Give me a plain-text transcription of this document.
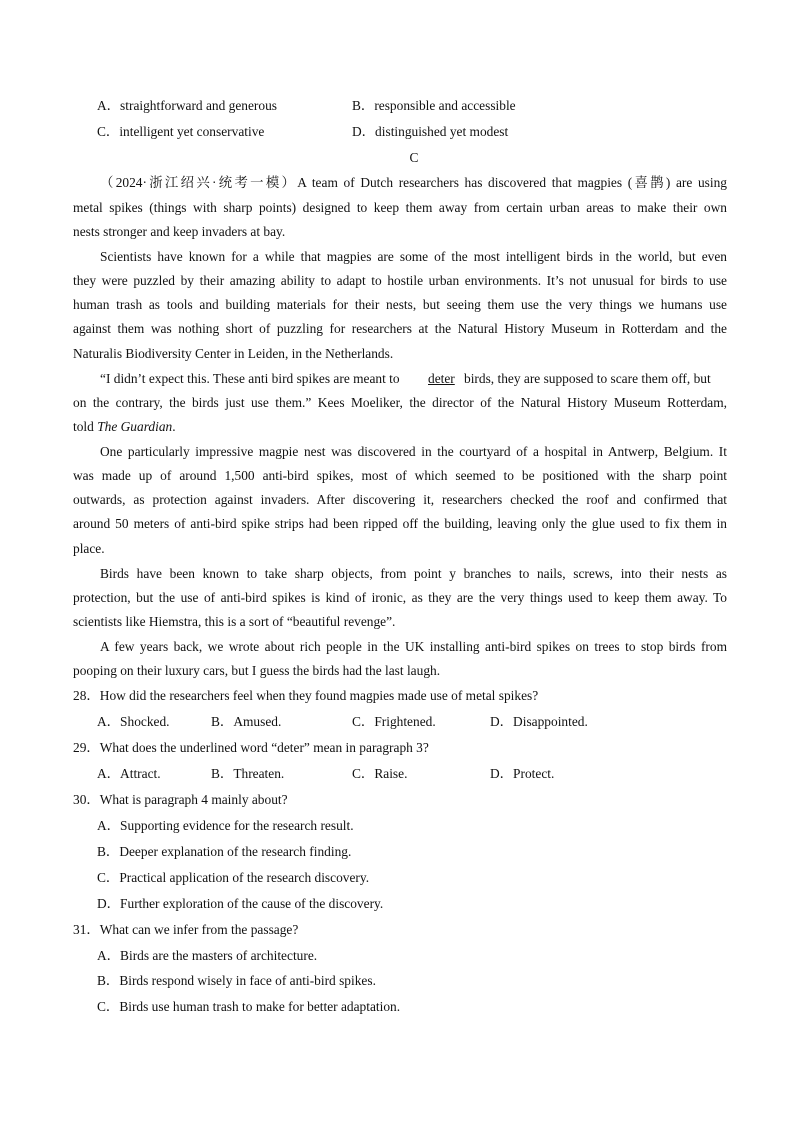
A．straightforward and generous	B．responsible and accessible
C．intelligent yet conservative	D．distinguished yet modest
C
（2024·浙江绍兴·统考一模）A team of Dutch researchers has discovered that magpies (喜鹊) are using
metal spikes (things with sharp points) designed to keep them away from certain urban areas to make their own
nests stronger and keep invaders at bay.
Scientists have known for a while that magpies are some of the most intelligent birds in the world, but even
they were puzzled by their amazing ability to adapt to hostile urban environments. It’s not unusual for birds to use
human trash as tools and building materials for their nests, but seeing them use the very things we humans use
against them was nothing short of puzzling for researchers at the Natural History Museum in Rotterdam and the
Naturalis Biodiversity Center in Leiden, in the Netherlands.
“I didn’t expect this. These anti bird spikes are meant to deter birds, they are supposed to scare them off, but
on the contrary, the birds just use them.” Kees Moeliker, the director of the Natural History Museum Rotterdam,
told The Guardian.
One particularly impressive magpie nest was discovered in the courtyard of a hospital in Antwerp, Belgium. It
was made up of around 1,500 anti-bird spikes, most of which seemed to be positioned with the sharp point
outwards, as protection against invaders. After discovering it, researchers checked the roof and confirmed that
around 50 meters of anti-bird spike strips had been ripped off the building, leaving only the glue used to fix them in
place.
Birds have been known to take sharp objects, from point y branches to nails, screws, into their nests as
protection, but the use of anti-bird spikes is kind of ironic, as they are the very things used to keep them away. To
scientists like Hiemstra, this is a sort of “beautiful revenge”.
A few years back, we wrote about rich people in the UK installing anti-bird spikes on trees to stop birds from
pooping on their luxury cars, but I guess the birds had the last laugh.
28．How did the researchers feel when they found magpies made use of metal spikes?
A．Shocked.	B．Amused.	C．Frightened.	D．Disappointed.
29．What does the underlined word “deter” mean in paragraph 3?
A．Attract.	B．Threaten.	C．Raise.	D．Protect.
30．What is paragraph 4 mainly about?
A．Supporting evidence for the research result.
B．Deeper explanation of the research finding.
C．Practical application of the research discovery.
D．Further exploration of the cause of the discovery.
31．What can we infer from the passage?
A．Birds are the masters of architecture.
B．Birds respond wisely in face of anti-bird spikes.
C．Birds use human trash to make for better adaptation.
